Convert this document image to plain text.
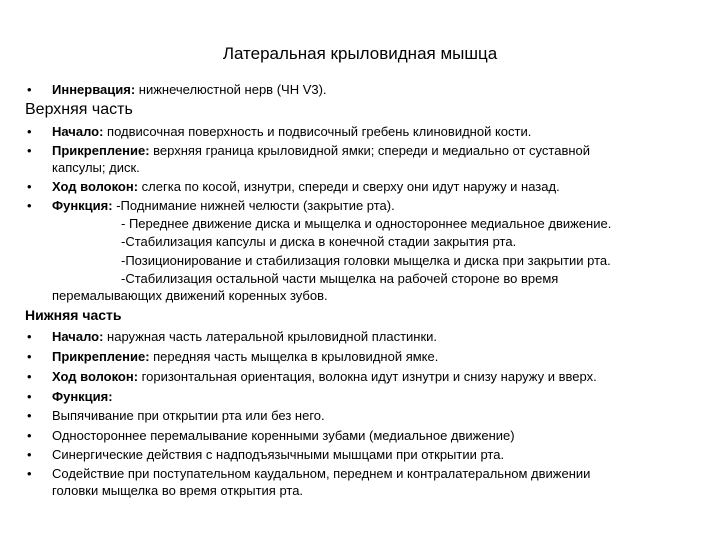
Латеральная крыловидная мышца
• Иннервация: нижнечелюстной нерв (ЧН V3).
Верхняя часть
• Начало: подвисочная поверхность и подвисочный гребень клиновидной кости.
• Прикрепление: верхняя граница крыловидной ямки; спереди и медиально от суставной
капсулы; диск.
• Ход волокон: слегка по косой, изнутри, спереди и сверху они идут наружу и назад.
• Функция: -Поднимание нижней челюсти (закрытие рта).
- Переднее движение диска и мыщелка и одностороннее медиальное движение.
-Стабилизация капсулы и диска в конечной стадии закрытия рта.
-Позиционирование и стабилизация головки мыщелка и диска при закрытии рта.
-Стабилизация остальной части мыщелка на рабочей стороне во время
перемалывающих движений коренных зубов.
Нижняя часть
• Начало: наружная часть латеральной крыловидной пластинки.
• Прикрепление: передняя часть мыщелка в крыловидной ямке.
• Ход волокон: горизонтальная ориентация, волокна идут изнутри и снизу наружу и вверх.
• Функция:
• Выпячивание при открытии рта или без него.
• Одностороннее перемалывание коренными зубами (медиальное движение)
• Синергические действия с надподъязычными мышцами при открытии рта.
• Содействие при поступательном каудальном, переднем и контралатеральном движении
головки мыщелка во время открытия рта.
